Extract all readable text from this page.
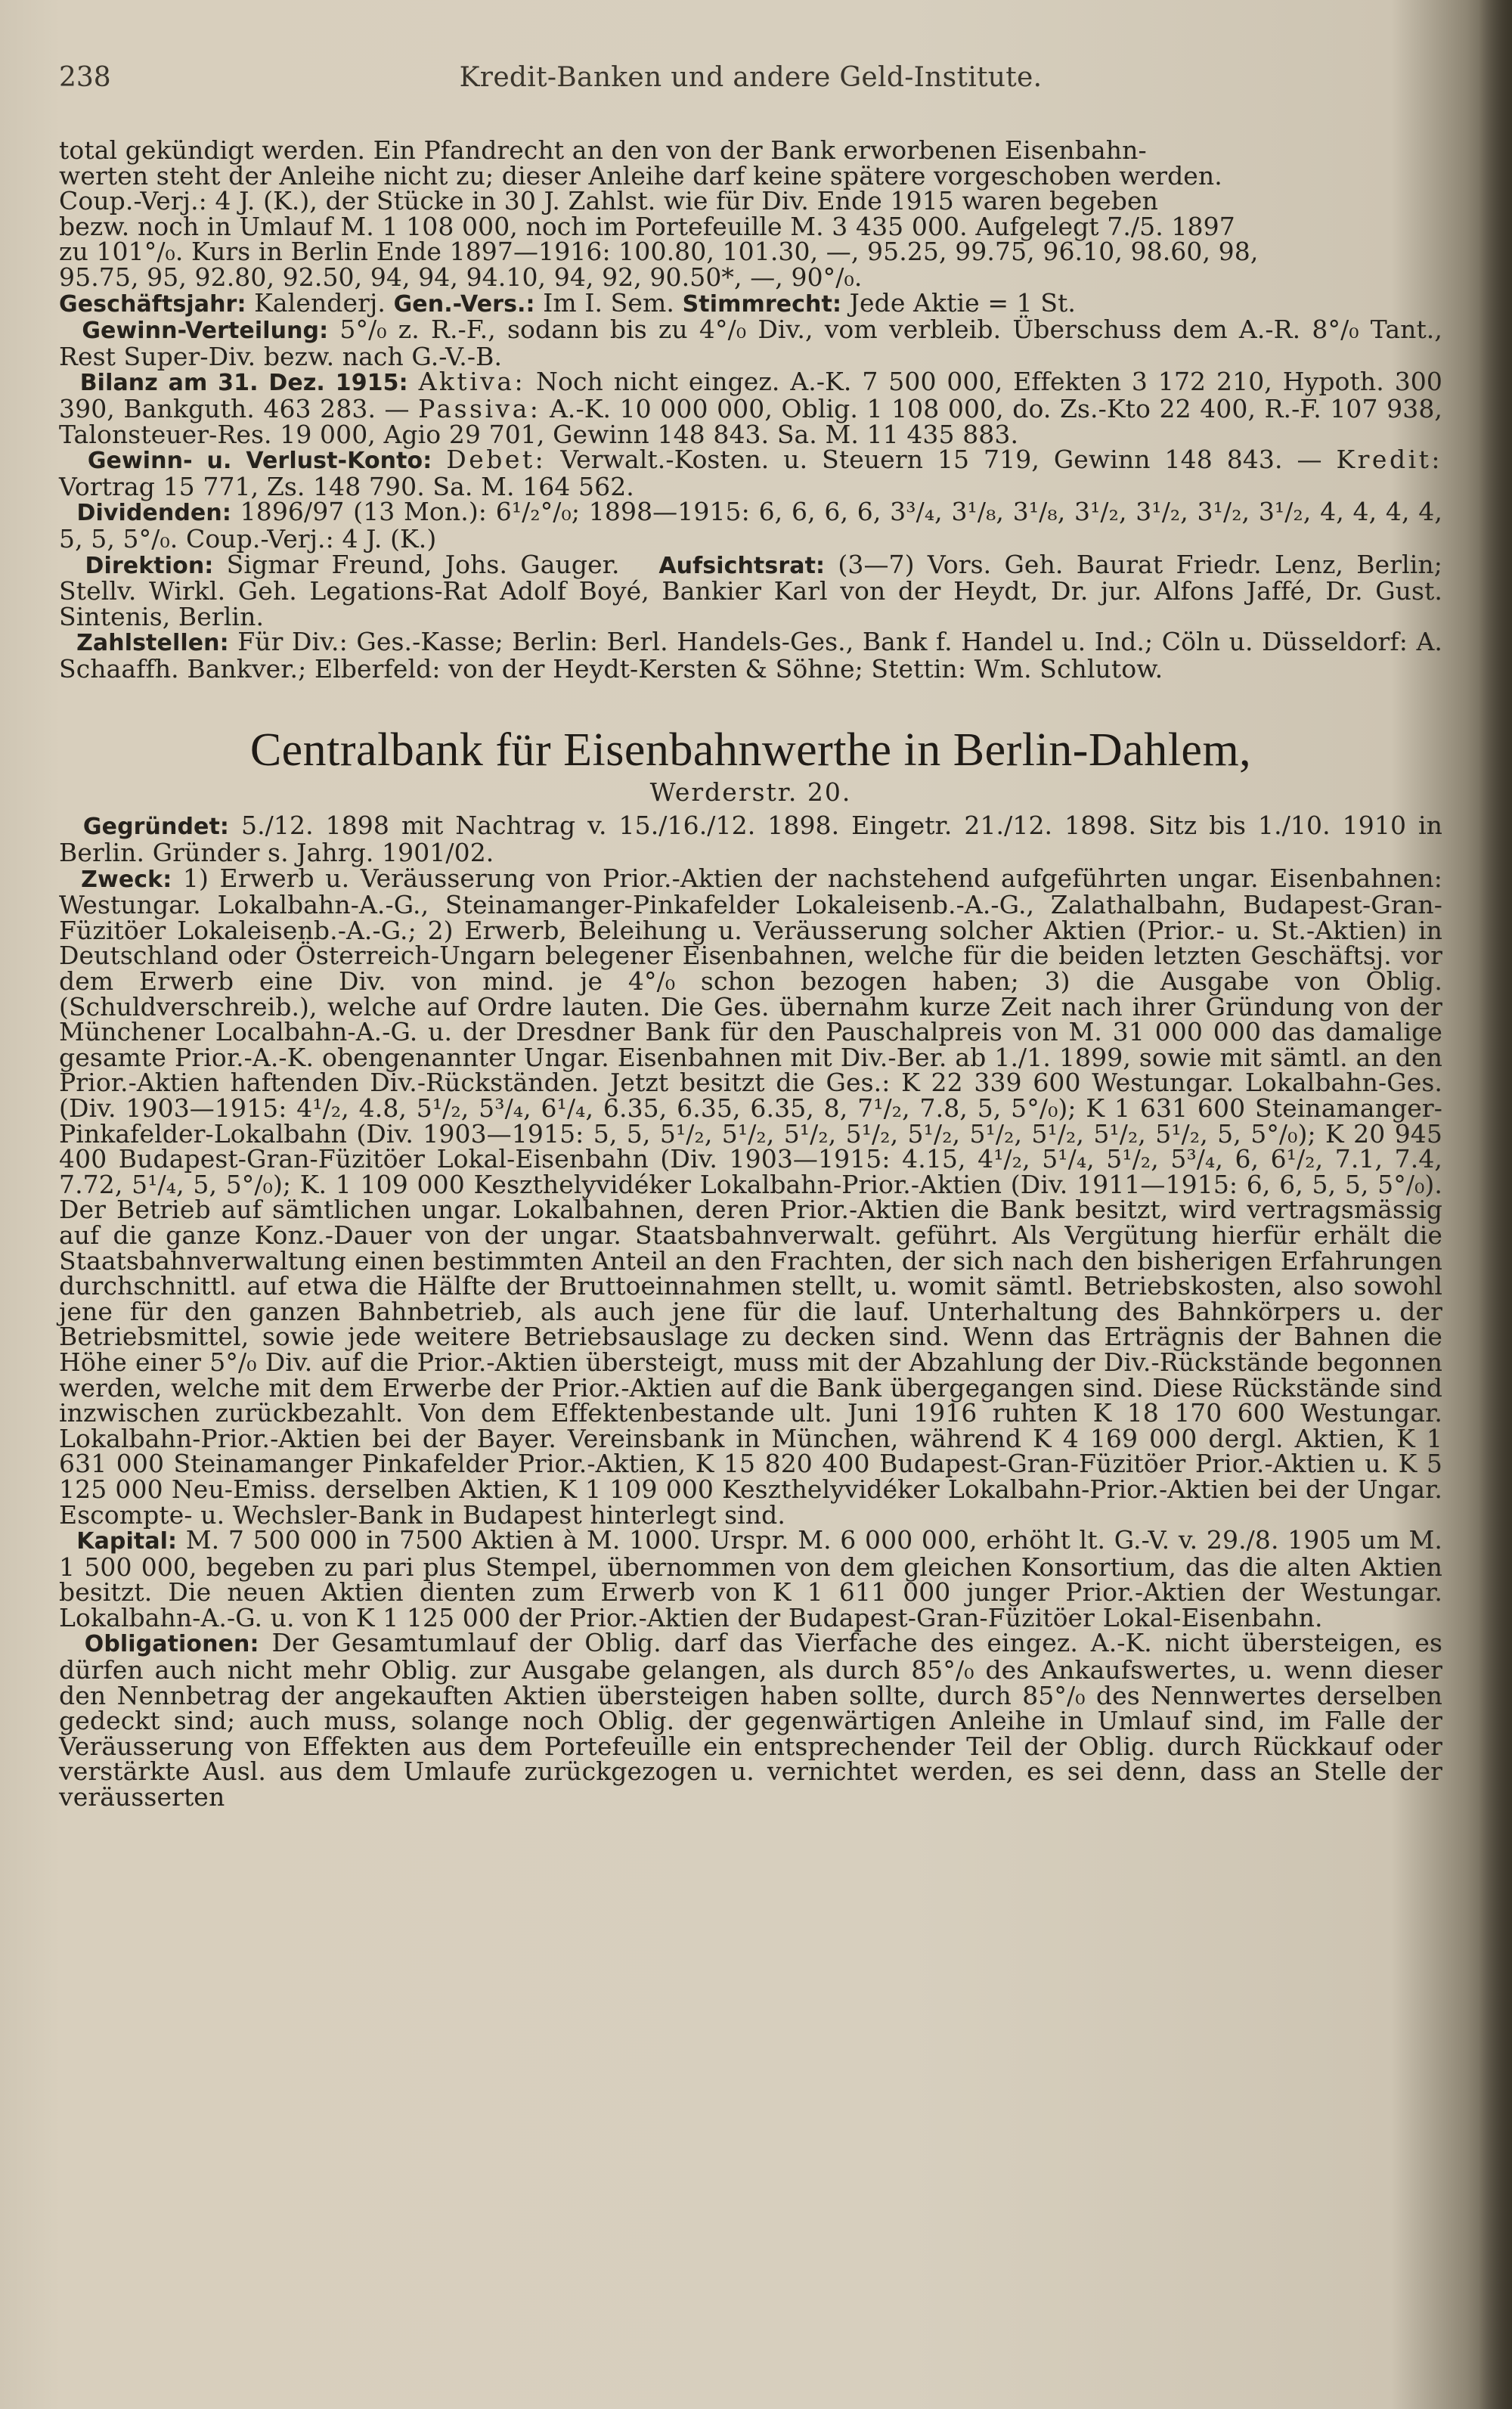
238	Kredit-Banken und andere Geld-Institute.

total gekündigt werden. Ein Pfandrecht an den von der Bank erworbenen Eisenbahn-

werten steht der Anleihe nicht zu; dieser Anleihe darf keine spätere vorgeschoben werden.

Coup.-Verj.: 4 J. (K.), der Stücke in 30 J. Zahlst. wie für Div. Ende 1915 waren begeben

bezw. noch in Umlauf M. 1 108 000, noch im Portefeuille M. 3 435 000. Aufgelegt 7./5. 1897

zu 101°/₀. Kurs in Berlin Ende 1897—1916: 100.80, 101.30, —, 95.25, 99.75, 96.10, 98.60, 98,

95.75, 95, 92.80, 92.50, 94, 94, 94.10, 94, 92, 90.50*, —, 90°/₀.

Geschäftsjahr: Kalenderj. Gen.-Vers.: Im I. Sem. Stimmrecht: Jede Aktie = 1 St.

Gewinn-Verteilung: 5°/₀ z. R.-F., sodann bis zu 4°/₀ Div., vom verbleib. Überschuss dem A.-R. 8°/₀ Tant., Rest Super-Div. bezw. nach G.-V.-B.

Bilanz am 31. Dez. 1915: Aktiva: Noch nicht eingez. A.-K. 7 500 000, Effekten 3 172 210, Hypoth. 300 390, Bankguth. 463 283. — Passiva: A.-K. 10 000 000, Oblig. 1 108 000, do. Zs.-Kto 22 400, R.-F. 107 938, Talonsteuer-Res. 19 000, Agio 29 701, Gewinn 148 843. Sa. M. 11 435 883.

Gewinn- u. Verlust-Konto: Debet: Verwalt.-Kosten. u. Steuern 15 719, Gewinn 148 843. — Kredit: Vortrag 15 771, Zs. 148 790. Sa. M. 164 562.

Dividenden: 1896/97 (13 Mon.): 6¹/₂°/₀; 1898—1915: 6, 6, 6, 6, 3³/₄, 3¹/₈, 3¹/₈, 3¹/₂, 3¹/₂, 3¹/₂, 3¹/₂, 4, 4, 4, 4, 5, 5, 5°/₀. Coup.-Verj.: 4 J. (K.)

Direktion: Sigmar Freund, Johs. Gauger. Aufsichtsrat: (3—7) Vors. Geh. Baurat Friedr. Lenz, Berlin; Stellv. Wirkl. Geh. Legations-Rat Adolf Boyé, Bankier Karl von der Heydt, Dr. jur. Alfons Jaffé, Dr. Gust. Sintenis, Berlin.

Zahlstellen: Für Div.: Ges.-Kasse; Berlin: Berl. Handels-Ges., Bank f. Handel u. Ind.; Cöln u. Düsseldorf: A. Schaaffh. Bankver.; Elberfeld: von der Heydt-Kersten & Söhne; Stettin: Wm. Schlutow.

Centralbank für Eisenbahnwerthe in Berlin-Dahlem,
Werderstr. 20.

Gegründet: 5./12. 1898 mit Nachtrag v. 15./16./12. 1898. Eingetr. 21./12. 1898. Sitz bis 1./10. 1910 in Berlin. Gründer s. Jahrg. 1901/02.

Zweck: 1) Erwerb u. Veräusserung von Prior.-Aktien der nachstehend aufgeführten ungar. Eisenbahnen: Westungar. Lokalbahn-A.-G., Steinamanger-Pinkafelder Lokaleisenb.-A.-G., Zalathalbahn, Budapest-Gran-Füzitöer Lokaleisenb.-A.-G.; 2) Erwerb, Beleihung u. Veräusserung solcher Aktien (Prior.- u. St.-Aktien) in Deutschland oder Österreich-Ungarn belegener Eisenbahnen, welche für die beiden letzten Geschäftsj. vor dem Erwerb eine Div. von mind. je 4°/₀ schon bezogen haben; 3) die Ausgabe von Oblig. (Schuldverschreib.), welche auf Ordre lauten. Die Ges. übernahm kurze Zeit nach ihrer Gründung von der Münchener Localbahn-A.-G. u. der Dresdner Bank für den Pauschalpreis von M. 31 000 000 das damalige gesamte Prior.-A.-K. obengenannter Ungar. Eisenbahnen mit Div.-Ber. ab 1./1. 1899, sowie mit sämtl. an den Prior.-Aktien haftenden Div.-Rückständen. Jetzt besitzt die Ges.: K 22 339 600 Westungar. Lokalbahn-Ges. (Div. 1903—1915: 4¹/₂, 4.8, 5¹/₂, 5³/₄, 6¹/₄, 6.35, 6.35, 6.35, 8, 7¹/₂, 7.8, 5, 5°/₀); K 1 631 600 Steinamanger-Pinkafelder-Lokalbahn (Div. 1903—1915: 5, 5, 5¹/₂, 5¹/₂, 5¹/₂, 5¹/₂, 5¹/₂, 5¹/₂, 5¹/₂, 5¹/₂, 5¹/₂, 5, 5°/₀); K 20 945 400 Budapest-Gran-Füzitöer Lokal-Eisenbahn (Div. 1903—1915: 4.15, 4¹/₂, 5¹/₄, 5¹/₂, 5³/₄, 6, 6¹/₂, 7.1, 7.4, 7.72, 5¹/₄, 5, 5°/₀); K. 1 109 000 Keszthelyvidéker Lokalbahn-Prior.-Aktien (Div. 1911—1915: 6, 6, 5, 5, 5°/₀). Der Betrieb auf sämtlichen ungar. Lokalbahnen, deren Prior.-Aktien die Bank besitzt, wird vertragsmässig auf die ganze Konz.-Dauer von der ungar. Staatsbahnverwalt. geführt. Als Vergütung hierfür erhält die Staatsbahnverwaltung einen bestimmten Anteil an den Frachten, der sich nach den bisherigen Erfahrungen durchschnittl. auf etwa die Hälfte der Bruttoeinnahmen stellt, u. womit sämtl. Betriebskosten, also sowohl jene für den ganzen Bahnbetrieb, als auch jene für die lauf. Unterhaltung des Bahnkörpers u. der Betriebsmittel, sowie jede weitere Betriebsauslage zu decken sind. Wenn das Erträgnis der Bahnen die Höhe einer 5°/₀ Div. auf die Prior.-Aktien übersteigt, muss mit der Abzahlung der Div.-Rückstände begonnen werden, welche mit dem Erwerbe der Prior.-Aktien auf die Bank übergegangen sind. Diese Rückstände sind inzwischen zurückbezahlt. Von dem Effektenbestande ult. Juni 1916 ruhten K 18 170 600 Westungar. Lokalbahn-Prior.-Aktien bei der Bayer. Vereinsbank in München, während K 4 169 000 dergl. Aktien, K 1 631 000 Steinamanger Pinkafelder Prior.-Aktien, K 15 820 400 Budapest-Gran-Füzitöer Prior.-Aktien u. K 5 125 000 Neu-Emiss. derselben Aktien, K 1 109 000 Keszthelyvidéker Lokalbahn-Prior.-Aktien bei der Ungar. Escompte- u. Wechsler-Bank in Budapest hinterlegt sind.

Kapital: M. 7 500 000 in 7500 Aktien à M. 1000. Urspr. M. 6 000 000, erhöht lt. G.-V. v. 29./8. 1905 um M. 1 500 000, begeben zu pari plus Stempel, übernommen von dem gleichen Konsortium, das die alten Aktien besitzt. Die neuen Aktien dienten zum Erwerb von K 1 611 000 junger Prior.-Aktien der Westungar. Lokalbahn-A.-G. u. von K 1 125 000 der Prior.-Aktien der Budapest-Gran-Füzitöer Lokal-Eisenbahn.

Obligationen: Der Gesamtumlauf der Oblig. darf das Vierfache des eingez. A.-K. nicht übersteigen, es dürfen auch nicht mehr Oblig. zur Ausgabe gelangen, als durch 85°/₀ des Ankaufswertes, u. wenn dieser den Nennbetrag der angekauften Aktien übersteigen haben sollte, durch 85°/₀ des Nennwertes derselben gedeckt sind; auch muss, solange noch Oblig. der gegenwärtigen Anleihe in Umlauf sind, im Falle der Veräusserung von Effekten aus dem Portefeuille ein entsprechender Teil der Oblig. durch Rückkauf oder verstärkte Ausl. aus dem Umlaufe zurückgezogen u. vernichtet werden, es sei denn, dass an Stelle der veräusserten
